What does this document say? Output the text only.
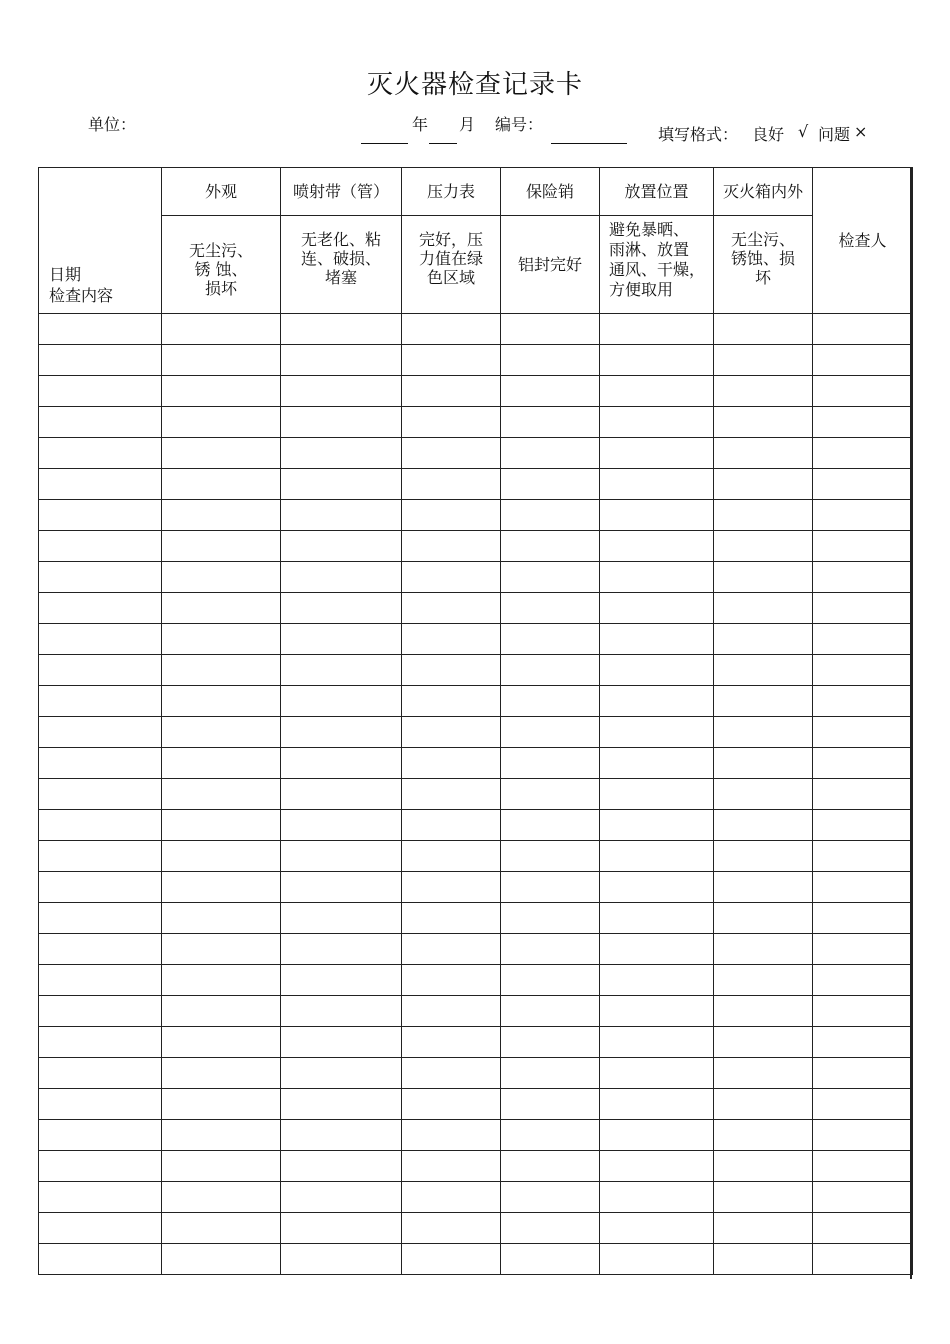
灭火器检查记录卡
单位：	年 月 编号：
填写格式： 良好 √ 问题 ×
日期
检查内容	外观	喷射带（管）	压力表	保险销	放置位置	灭火箱内外	检查人
	无尘污、
锈 蚀、
损坏	无老化、粘
连、破损、
堵塞	完好，压
力值在绿
色区域	铝封完好	避免暴晒、
雨淋、放置
通风、干燥，
方便取用	无尘污、
锈蚀、损
坏	
